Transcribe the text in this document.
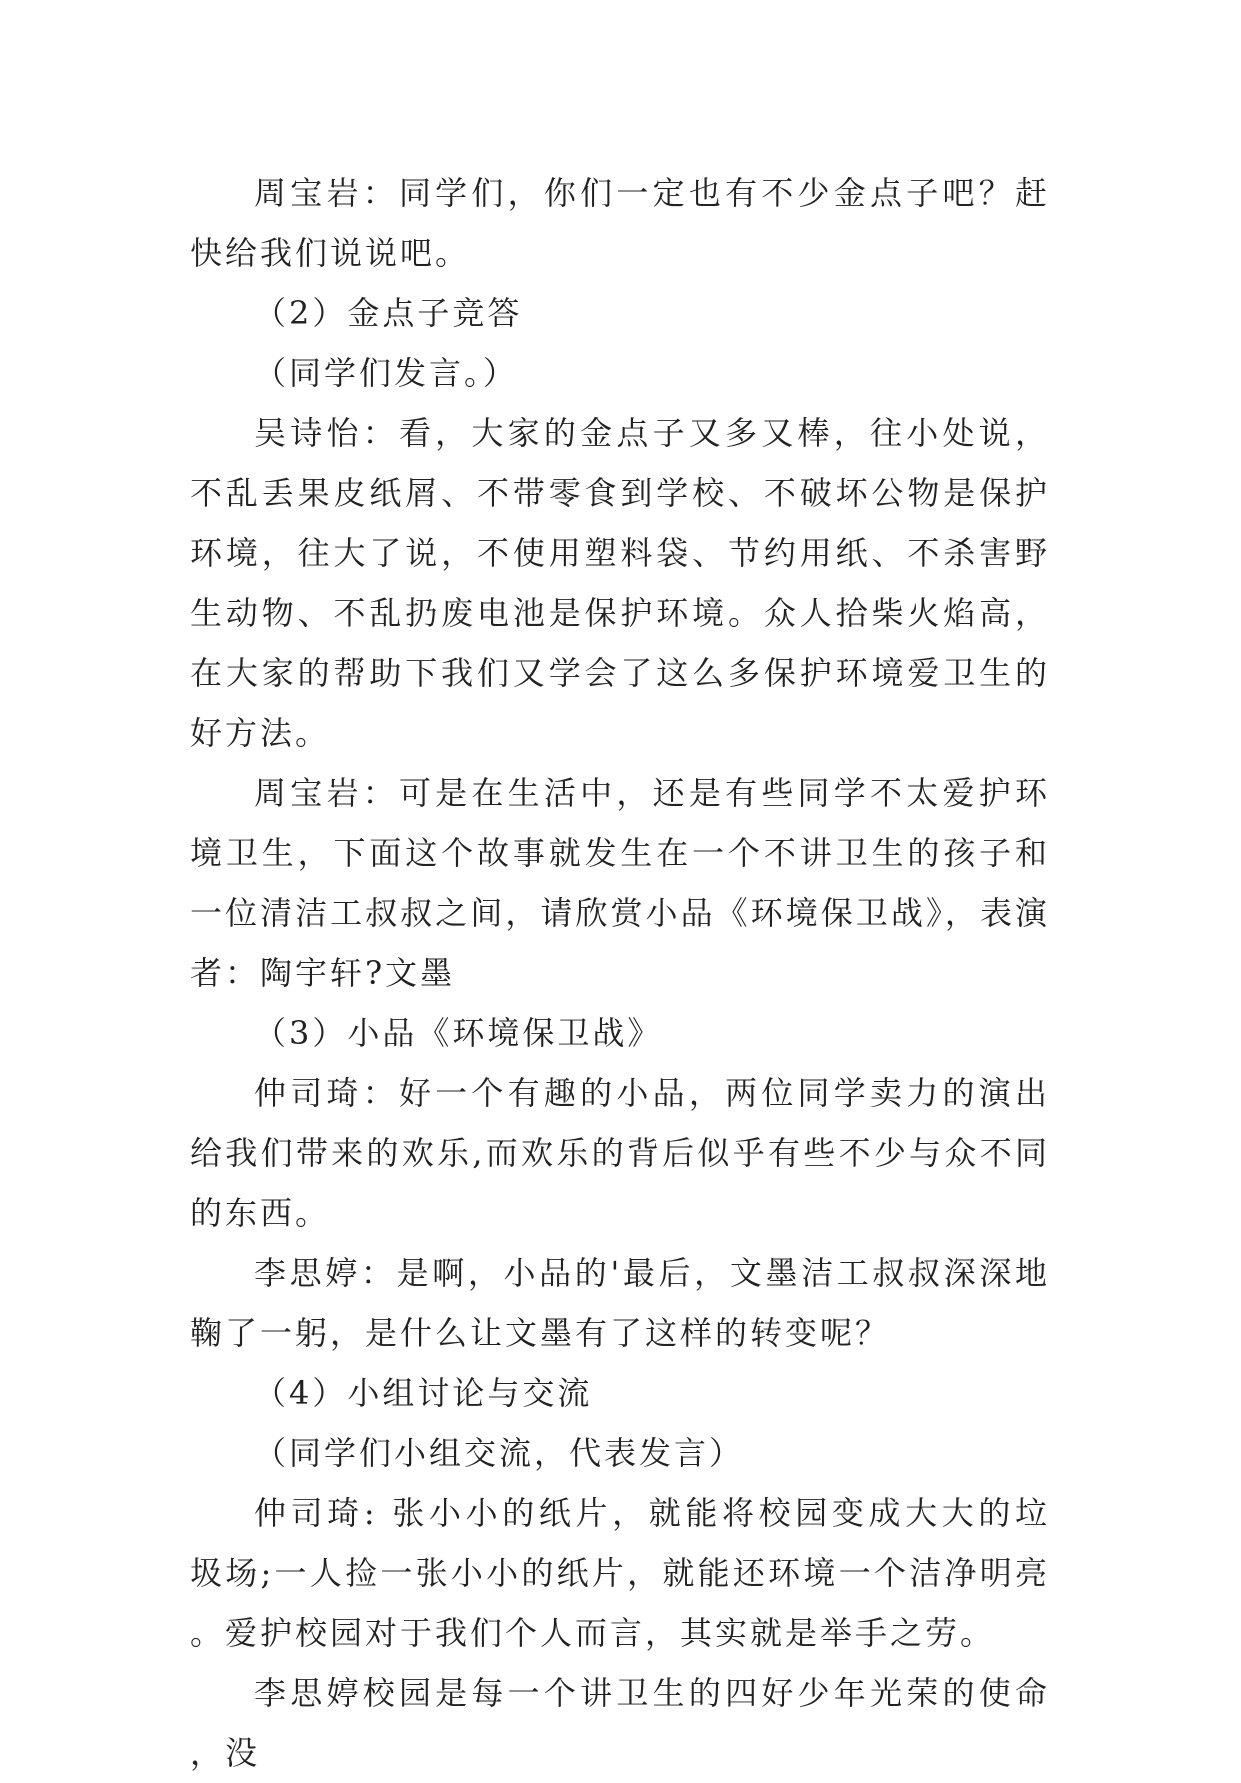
周宝岩：同学们，你们一定也有不少金点子吧？赶快给我们说说吧。

（2）金点子竞答

（同学们发言。）

吴诗怡：看，大家的金点子又多又棒，往小处说，不乱丢果皮纸屑、不带零食到学校、不破坏公物是保护环境，往大了说，不使用塑料袋、节约用纸、不杀害野生动物、不乱扔废电池是保护环境。众人拾柴火焰高，在大家的帮助下我们又学会了这么多保护环境爱卫生的好方法。

周宝岩：可是在生活中，还是有些同学不太爱护环境卫生，下面这个故事就发生在一个不讲卫生的孩子和一位清洁工叔叔之间，请欣赏小品《环境保卫战》，表演者：陶宇轩?文墨

（3）小品《环境保卫战》

仲司琦：好一个有趣的小品，两位同学卖力的演出给我们带来的欢乐,而欢乐的背后似乎有些不少与众不同的东西。

李思婷：是啊，小品的'最后，文墨洁工叔叔深深地鞠了一躬，是什么让文墨有了这样的转变呢？

（4）小组讨论与交流

（同学们小组交流，代表发言）

仲司琦: 张小小的纸片，就能将校园变成大大的垃圾场;一人捡一张小小的纸片，就能还环境一个洁净明亮。爱护校园对于我们个人而言，其实就是举手之劳。

李思婷校园是每一个讲卫生的四好少年光荣的使命，没
